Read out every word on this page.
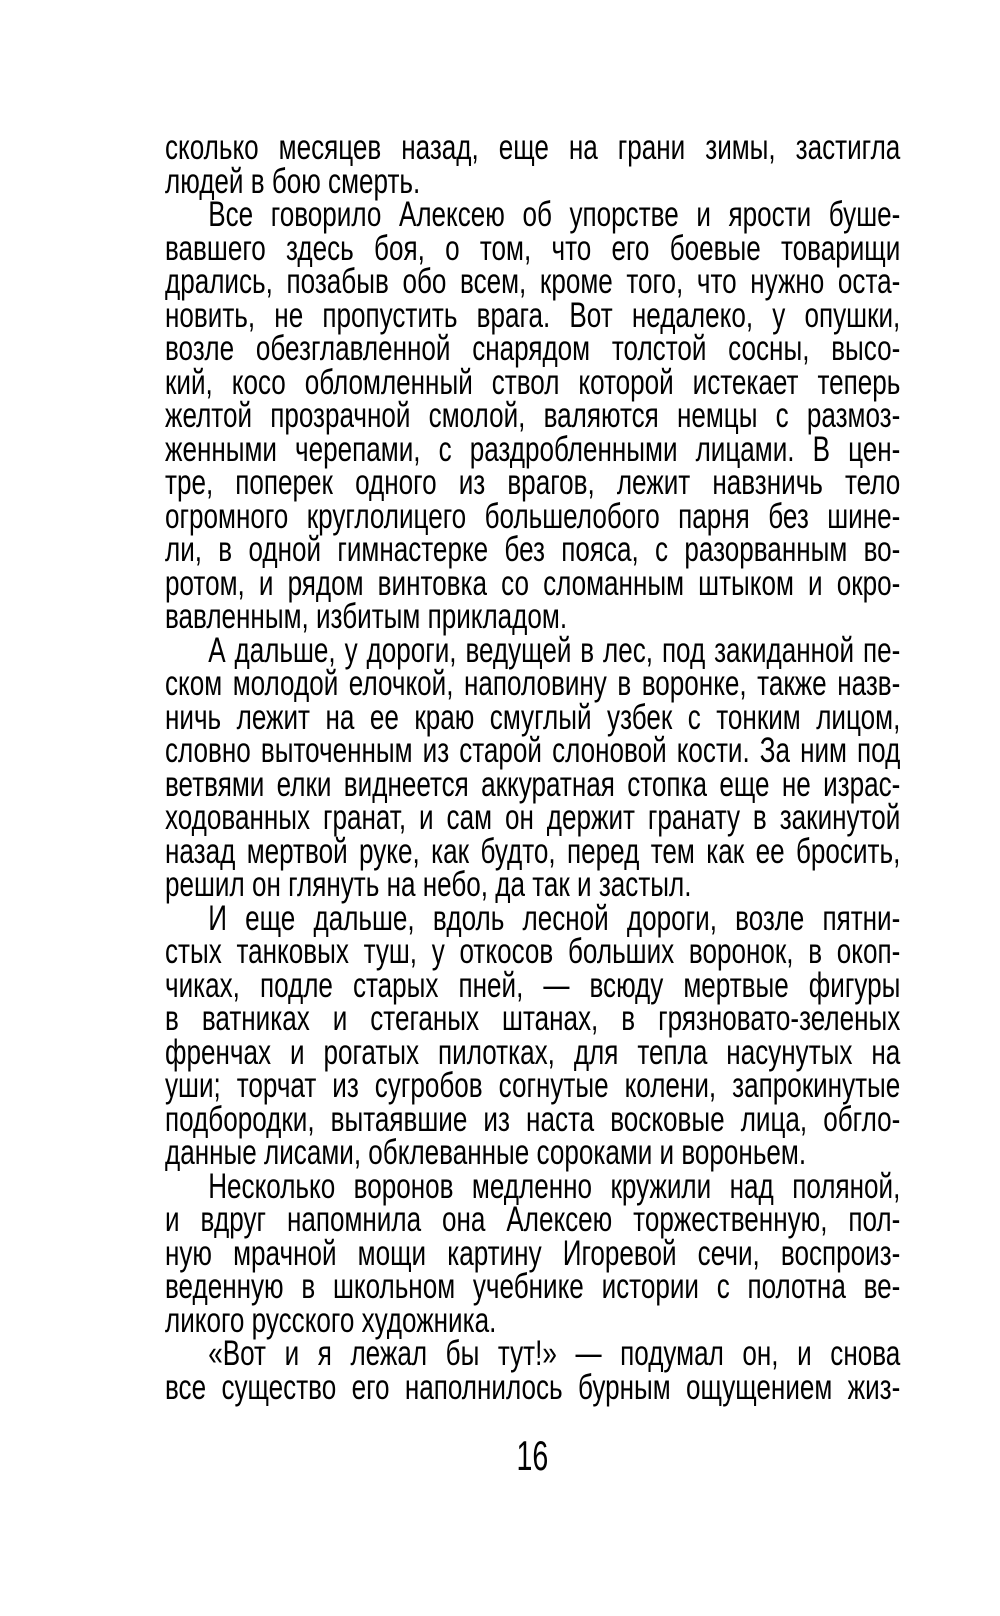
сколько месяцев назад, еще на грани зимы, застигла
людей в бою смерть.
Все говорило Алексею об упорстве и ярости буше-
вавшего здесь боя, о том, что его боевые товарищи
дрались, позабыв обо всем, кроме того, что нужно оста-
новить, не пропустить врага. Вот недалеко, у опушки,
возле обезглавленной снарядом толстой сосны, высо-
кий, косо обломленный ствол которой истекает теперь
желтой прозрачной смолой, валяются немцы с размоз-
женными черепами, с раздробленными лицами. В цен-
тре, поперек одного из врагов, лежит навзничь тело
огромного круглолицего большелобого парня без шине-
ли, в одной гимнастерке без пояса, с разорванным во-
ротом, и рядом винтовка со сломанным штыком и окро-
вавленным, избитым прикладом.
А дальше, у дороги, ведущей в лес, под закиданной пе-
ском молодой елочкой, наполовину в воронке, также назв-
ничь лежит на ее краю смуглый узбек с тонким лицом,
словно выточенным из старой слоновой кости. За ним под
ветвями елки виднеется аккуратная стопка еще не израс-
ходованных гранат, и сам он держит гранату в закинутой
назад мертвой руке, как будто, перед тем как ее бросить,
решил он глянуть на небо, да так и застыл.
И еще дальше, вдоль лесной дороги, возле пятни-
стых танковых туш, у откосов больших воронок, в окоп-
чиках, подле старых пней, — всюду мертвые фигуры
в ватниках и стеганых штанах, в грязновато-зеленых
френчах и рогатых пилотках, для тепла насунутых на
уши; торчат из сугробов согнутые колени, запрокинутые
подбородки, вытаявшие из наста восковые лица, обгло-
данные лисами, обклеванные сороками и вороньем.
Несколько воронов медленно кружили над поляной,
и вдруг напомнила она Алексею торжественную, пол-
ную мрачной мощи картину Игоревой сечи, воспроиз-
веденную в школьном учебнике истории с полотна ве-
ликого русского художника.
«Вот и я лежал бы тут!» — подумал он, и снова
все существо его наполнилось бурным ощущением жиз-
16
